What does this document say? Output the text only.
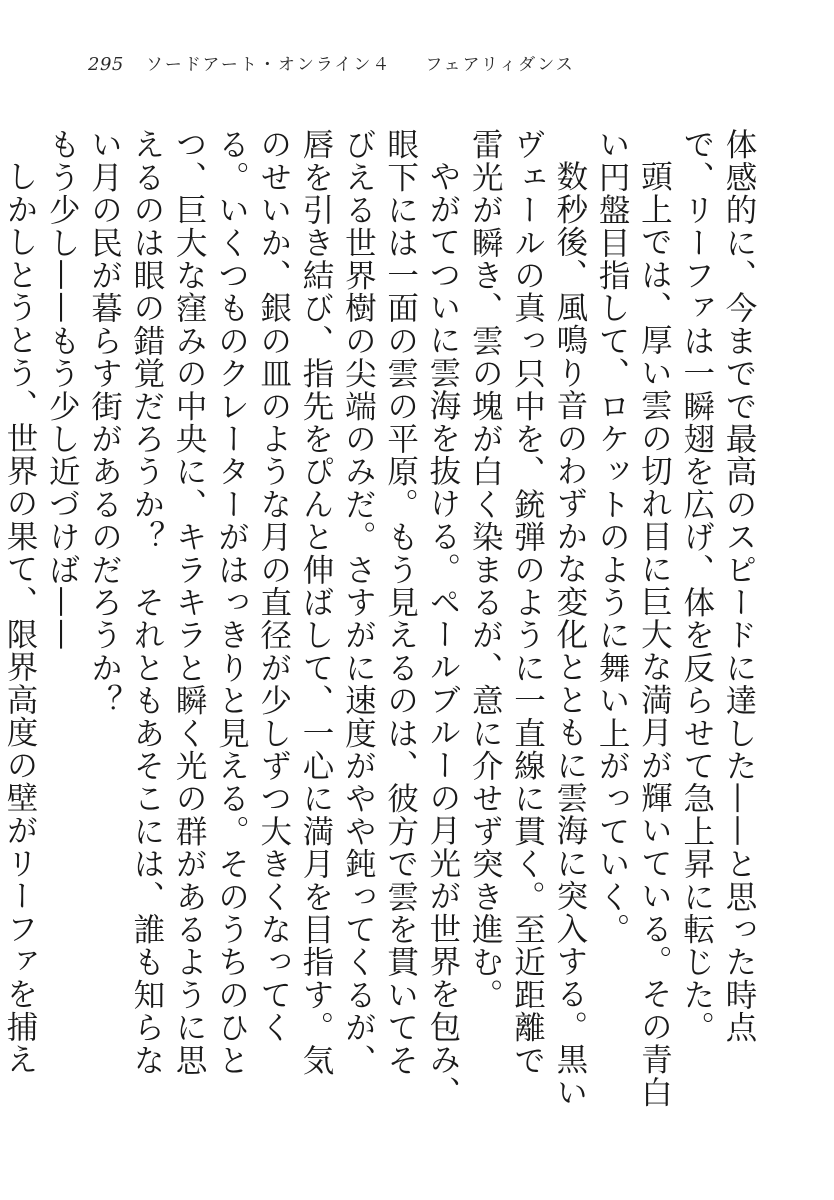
295 ソードアート・オンライン４ フェアリィダンス

体感的に、今までで最高のスピードに達した——と思った時点で、リーファは一瞬翅を広げ、体を反らせて急上昇に転じた。

頭上では、厚い雲の切れ目に巨大な満月が輝いている。その青白い円盤目指して、ロケットのように舞い上がっていく。

数秒後、風鳴り音のわずかな変化とともに雲海に突入する。黒いヴェールの真っ只中を、銃弾のように一直線に貫く。至近距離で雷光が瞬き、雲の塊が白く染まるが、意に介せず突き進む。

やがてついに雲海を抜ける。ペールブルーの月光が世界を包み、眼下には一面の雲の平原。もう見えるのは、彼方で雲を貫いてそびえる世界樹の尖端のみだ。さすがに速度がやや鈍ってくるが、唇を引き結び、指先をぴんと伸ばして、一心に満月を目指す。気のせいか、銀の皿のような月の直径が少しずつ大きくなってくる。いくつものクレーターがはっきりと見える。そのうちのひとつ、巨大な窪みの中央に、キラキラと瞬く光の群があるように思えるのは眼の錯覚だろうか？　それともあそこには、誰も知らない月の民が暮らす街があるのだろうか？

もう少し——もう少し近づけば——

しかしとうとう、世界の果て、限界高度の壁がリーファを捕え
